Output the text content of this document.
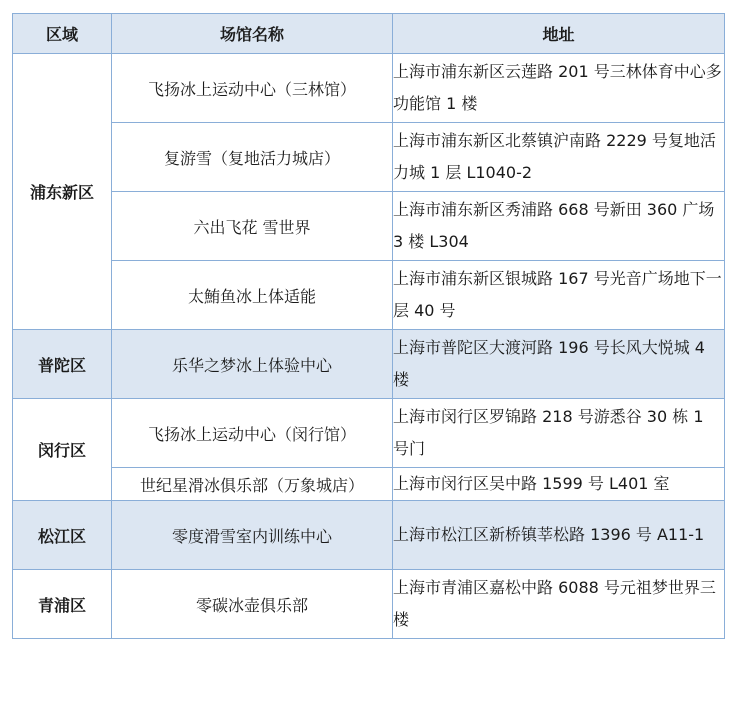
区域	场馆名称	地址
浦东新区	飞扬冰上运动中心（三林馆）	上海市浦东新区云莲路 201 号三林体育中心多功能馆 1 楼
	复游雪（复地活力城店）	上海市浦东新区北蔡镇沪南路 2229 号复地活力城 1 层 L1040-2
	六出飞花 雪世界	上海市浦东新区秀浦路 668 号新田 360 广场 3 楼 L304
	太鮪鱼冰上体适能	上海市浦东新区银城路 167 号光音广场地下一层 40 号
普陀区	乐华之梦冰上体验中心	上海市普陀区大渡河路 196 号长风大悦城 4 楼
闵行区	飞扬冰上运动中心（闵行馆）	上海市闵行区罗锦路 218 号游悉谷 30 栋 1 号门
	世纪星滑冰俱乐部（万象城店）	上海市闵行区吴中路 1599 号 L401 室
松江区	零度滑雪室内训练中心	上海市松江区新桥镇莘松路 1396 号 A11-1
青浦区	零碳冰壶俱乐部	上海市青浦区嘉松中路 6088 号元祖梦世界三楼
